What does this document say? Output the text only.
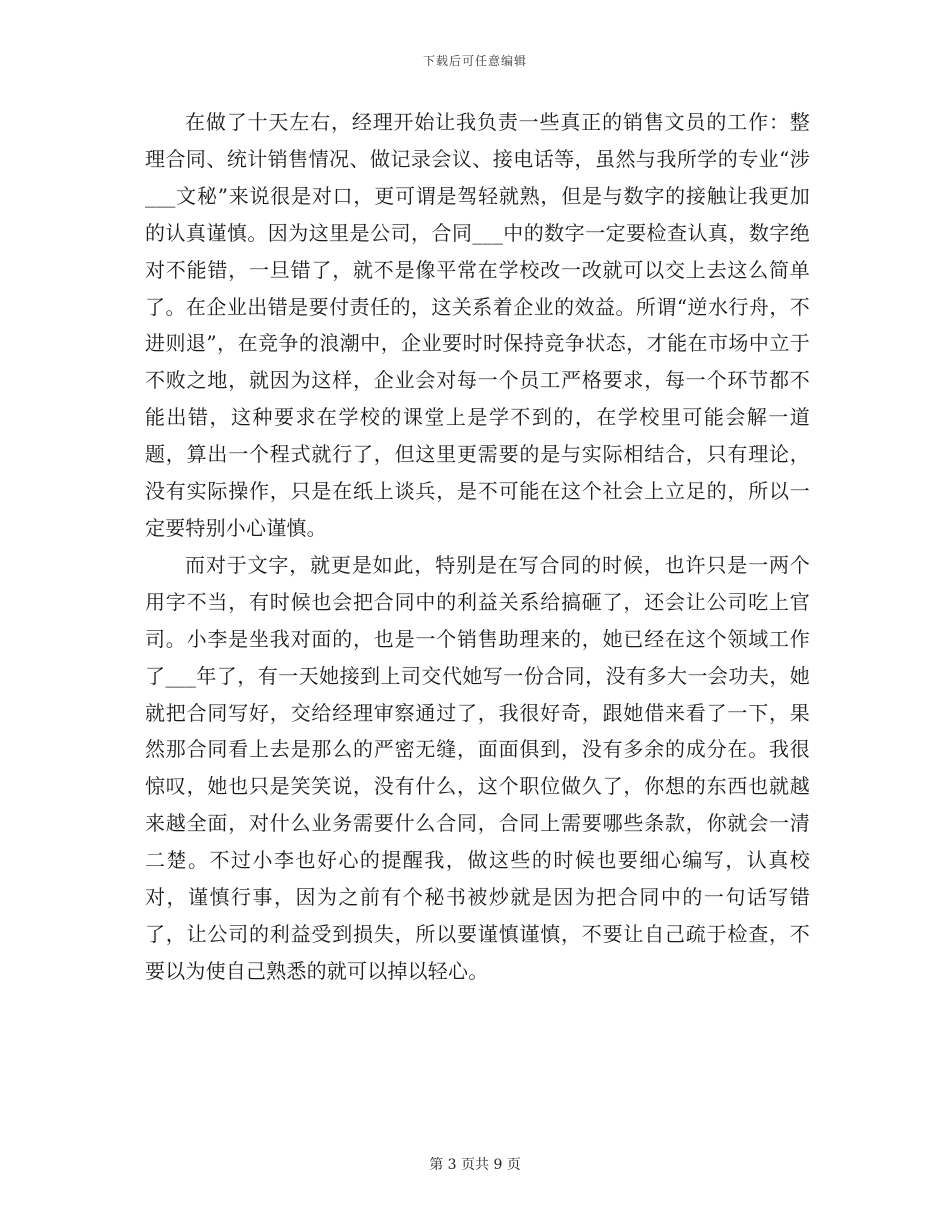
下载后可任意编辑

在做了十天左右，经理开始让我负责一些真正的销售文员的工作：整理合同、统计销售情况、做记录会议、接电话等，虽然与我所学的专业“涉___文秘”来说很是对口，更可谓是驾轻就熟，但是与数字的接触让我更加的认真谨慎。因为这里是公司，合同___中的数字一定要检查认真，数字绝对不能错，一旦错了，就不是像平常在学校改一改就可以交上去这么简单了。在企业出错是要付责任的，这关系着企业的效益。所谓“逆水行舟，不进则退”，在竞争的浪潮中，企业要时时保持竞争状态，才能在市场中立于不败之地，就因为这样，企业会对每一个员工严格要求，每一个环节都不能出错，这种要求在学校的课堂上是学不到的，在学校里可能会解一道题，算出一个程式就行了，但这里更需要的是与实际相结合，只有理论，没有实际操作，只是在纸上谈兵，是不可能在这个社会上立足的，所以一定要特别小心谨慎。

而对于文字，就更是如此，特别是在写合同的时候，也许只是一两个用字不当，有时候也会把合同中的利益关系给搞砸了，还会让公司吃上官司。小李是坐我对面的，也是一个销售助理来的，她已经在这个领域工作了___年了，有一天她接到上司交代她写一份合同，没有多大一会功夫，她就把合同写好，交给经理审察通过了，我很好奇，跟她借来看了一下，果然那合同看上去是那么的严密无缝，面面俱到，没有多余的成分在。我很惊叹，她也只是笑笑说，没有什么，这个职位做久了，你想的东西也就越来越全面，对什么业务需要什么合同，合同上需要哪些条款，你就会一清二楚。不过小李也好心的提醒我，做这些的时候也要细心编写，认真校对，谨慎行事，因为之前有个秘书被炒就是因为把合同中的一句话写错了，让公司的利益受到损失，所以要谨慎谨慎，不要让自己疏于检查，不要以为使自己熟悉的就可以掉以轻心。

第 3 页共 9 页
